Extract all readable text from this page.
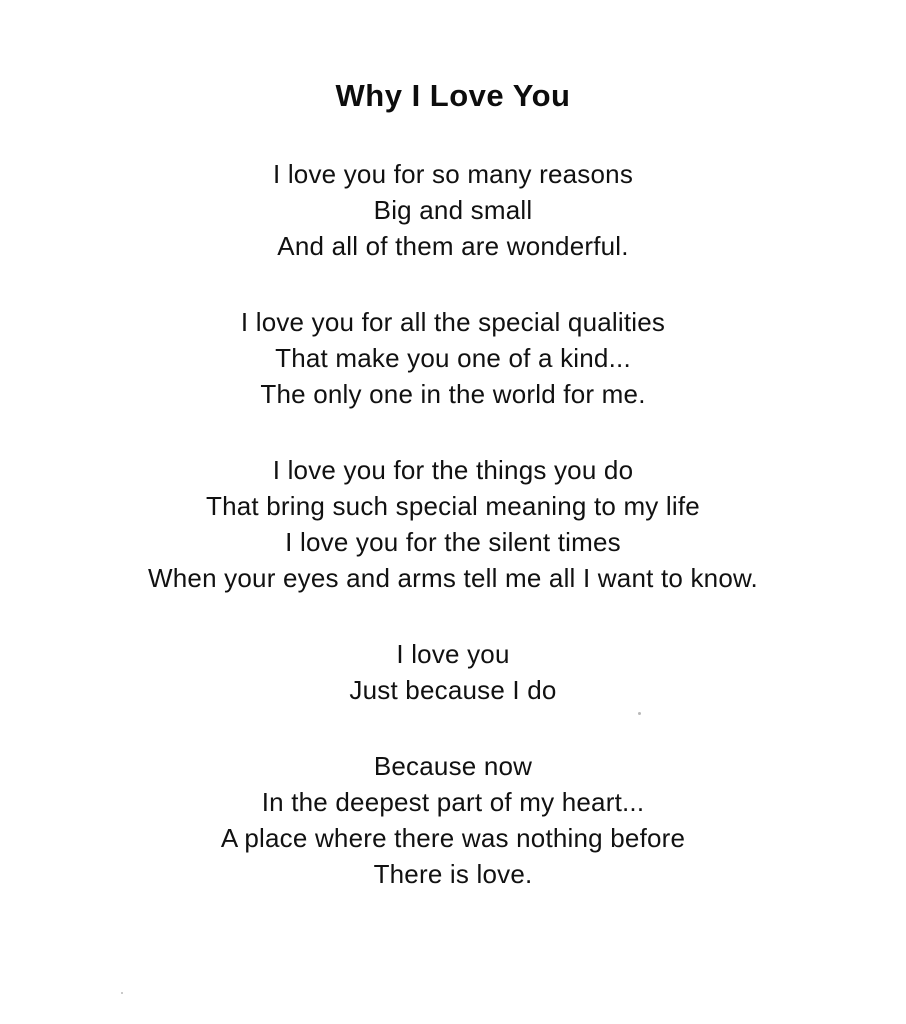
Why I Love You
I love you for so many reasons
Big and small
And all of them are wonderful.
I love you for all the special qualities
That make you one of a kind...
The only one in the world for me.
I love you for the things you do
That bring such special meaning to my life
I love you for the silent times
When your eyes and arms tell me all I want to know.
I love you
Just because I do
Because now
In the deepest part of my heart...
A place where there was nothing before
There is love.
